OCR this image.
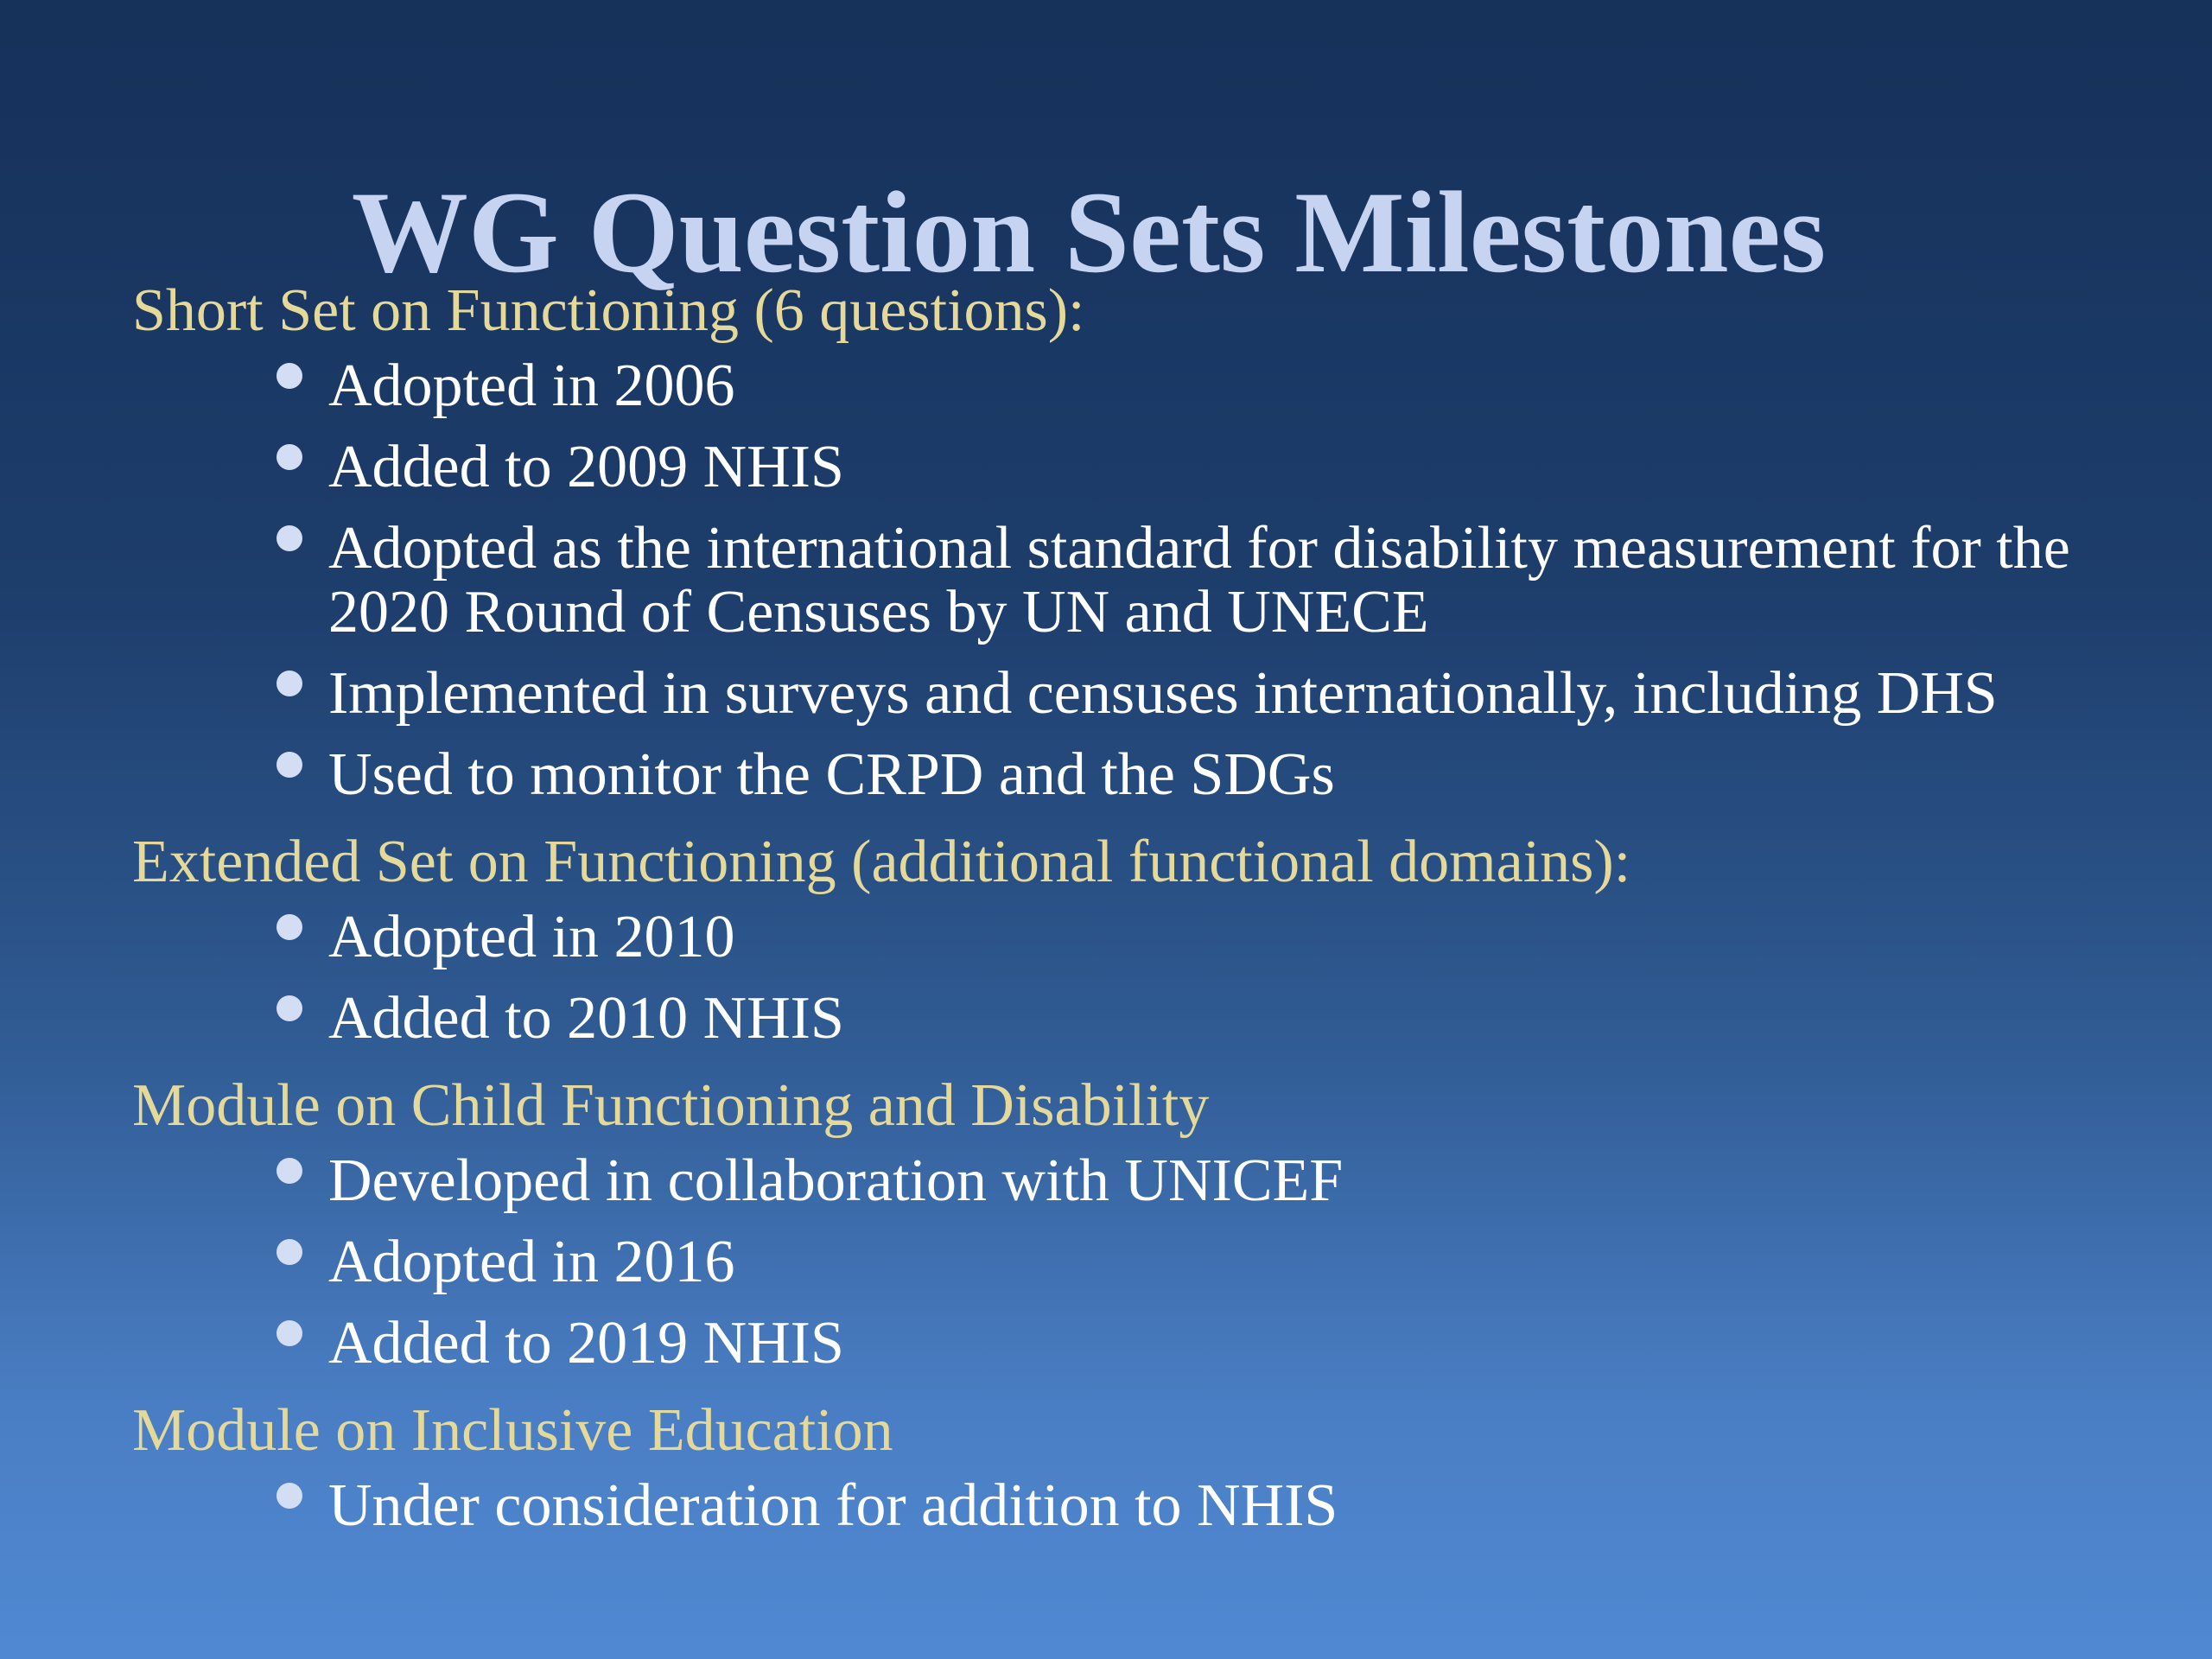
WG Question Sets Milestones
Short Set on Functioning (6 questions):
Adopted in 2006
Added to 2009 NHIS
Adopted as the international standard for disability measurement for the 2020 Round of Censuses by UN and UNECE
Implemented in surveys and censuses internationally, including DHS
Used to monitor the CRPD and the SDGs
Extended Set on Functioning (additional functional domains):
Adopted in 2010
Added to 2010 NHIS
Module on Child Functioning and Disability
Developed in collaboration with UNICEF
Adopted in 2016
Added to 2019 NHIS
Module on Inclusive Education
Under consideration for addition to NHIS
